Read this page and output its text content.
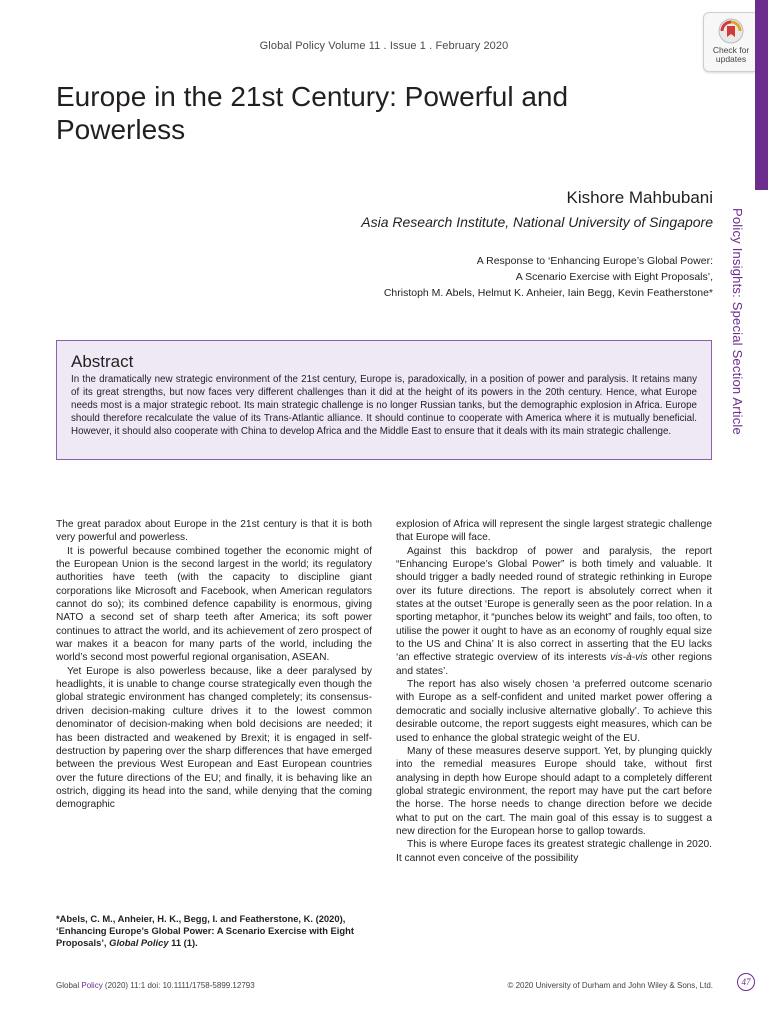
Global Policy Volume 11 . Issue 1 . February 2020	Check for
updates
Europe in the 21st Century: Powerful and Powerless
Kishore Mahbubani
Asia Research Institute, National University of Singapore
A Response to ‘Enhancing Europe’s Global Power:
A Scenario Exercise with Eight Proposals’,
Christoph M. Abels, Helmut K. Anheier, Iain Begg, Kevin Featherstone* Policy Insights: Special Section Article
Abstract

In the dramatically new strategic environment of the 21st century, Europe is, paradoxically, in a position of power and paralysis. It retains many of its great strengths, but now faces very different challenges than it did at the height of its powers in the 20th century. Hence, what Europe needs most is a major strategic reboot. Its main strategic challenge is no longer Russian tanks, but the demographic explosion in Africa. Europe should therefore recalculate the value of its Trans-Atlantic alliance. It should continue to cooperate with America where it is mutually beneficial. However, it should also cooperate with China to develop Africa and the Middle East to ensure that it deals with its main strategic challenge.

The great paradox about Europe in the 21st century is that it is both very powerful and powerless.

It is powerful because combined together the economic might of the European Union is the second largest in the world; its regulatory authorities have teeth (with the capacity to discipline giant corporations like Microsoft and Facebook, when American regulators cannot do so); its combined defence capability is enormous, giving NATO a second set of sharp teeth after America; its soft power continues to attract the world, and its achievement of zero prospect of war makes it a beacon for many parts of the world, including the world’s second most powerful regional organisation, ASEAN.

Yet Europe is also powerless because, like a deer paralysed by headlights, it is unable to change course strategically even though the global strategic environment has changed completely; its consensus-driven decision-making culture drives it to the lowest common denominator of decision-making when bold decisions are needed; it has been distracted and weakened by Brexit; it is engaged in self-destruction by papering over the sharp differences that have emerged between the previous West European and East European countries over the future directions of the EU; and finally, it is behaving like an ostrich, digging its head into the sand, while denying that the coming demographic

*Abels, C. M., Anheier, H. K., Begg, I. and Featherstone, K. (2020), ‘Enhancing Europe’s Global Power: A Scenario Exercise with Eight Proposals’, Global Policy 11 (1).

explosion of Africa will represent the single largest strategic challenge that Europe will face.

Against this backdrop of power and paralysis, the report “Enhancing Europe’s Global Power” is both timely and valuable. It should trigger a badly needed round of strategic rethinking in Europe over its future directions. The report is absolutely correct when it states at the outset ‘Europe is generally seen as the poor relation. In a sporting metaphor, it “punches below its weight” and fails, too often, to utilise the power it ought to have as an economy of roughly equal size to the US and China’ It is also correct in asserting that the EU lacks ‘an effective strategic overview of its interests vis-à-vis other regions and states’.

The report has also wisely chosen ‘a preferred outcome scenario with Europe as a self-confident and united market power offering a democratic and socially inclusive alternative globally’. To achieve this desirable outcome, the report suggests eight measures, which can be used to enhance the global strategic weight of the EU.

Many of these measures deserve support. Yet, by plunging quickly into the remedial measures Europe should take, without first analysing in depth how Europe should adapt to a completely different global strategic environment, the report may have put the cart before the horse. The horse needs to change direction before we decide what to put on the cart. The main goal of this essay is to suggest a new direction for the European horse to gallop towards.

This is where Europe faces its greatest strategic challenge in 2020. It cannot even conceive of the possibility

Global Policy (2020) 11:1 doi: 10.1111/1758-5899.12793	© 2020 University of Durham and John Wiley & Sons, Ltd.	47
